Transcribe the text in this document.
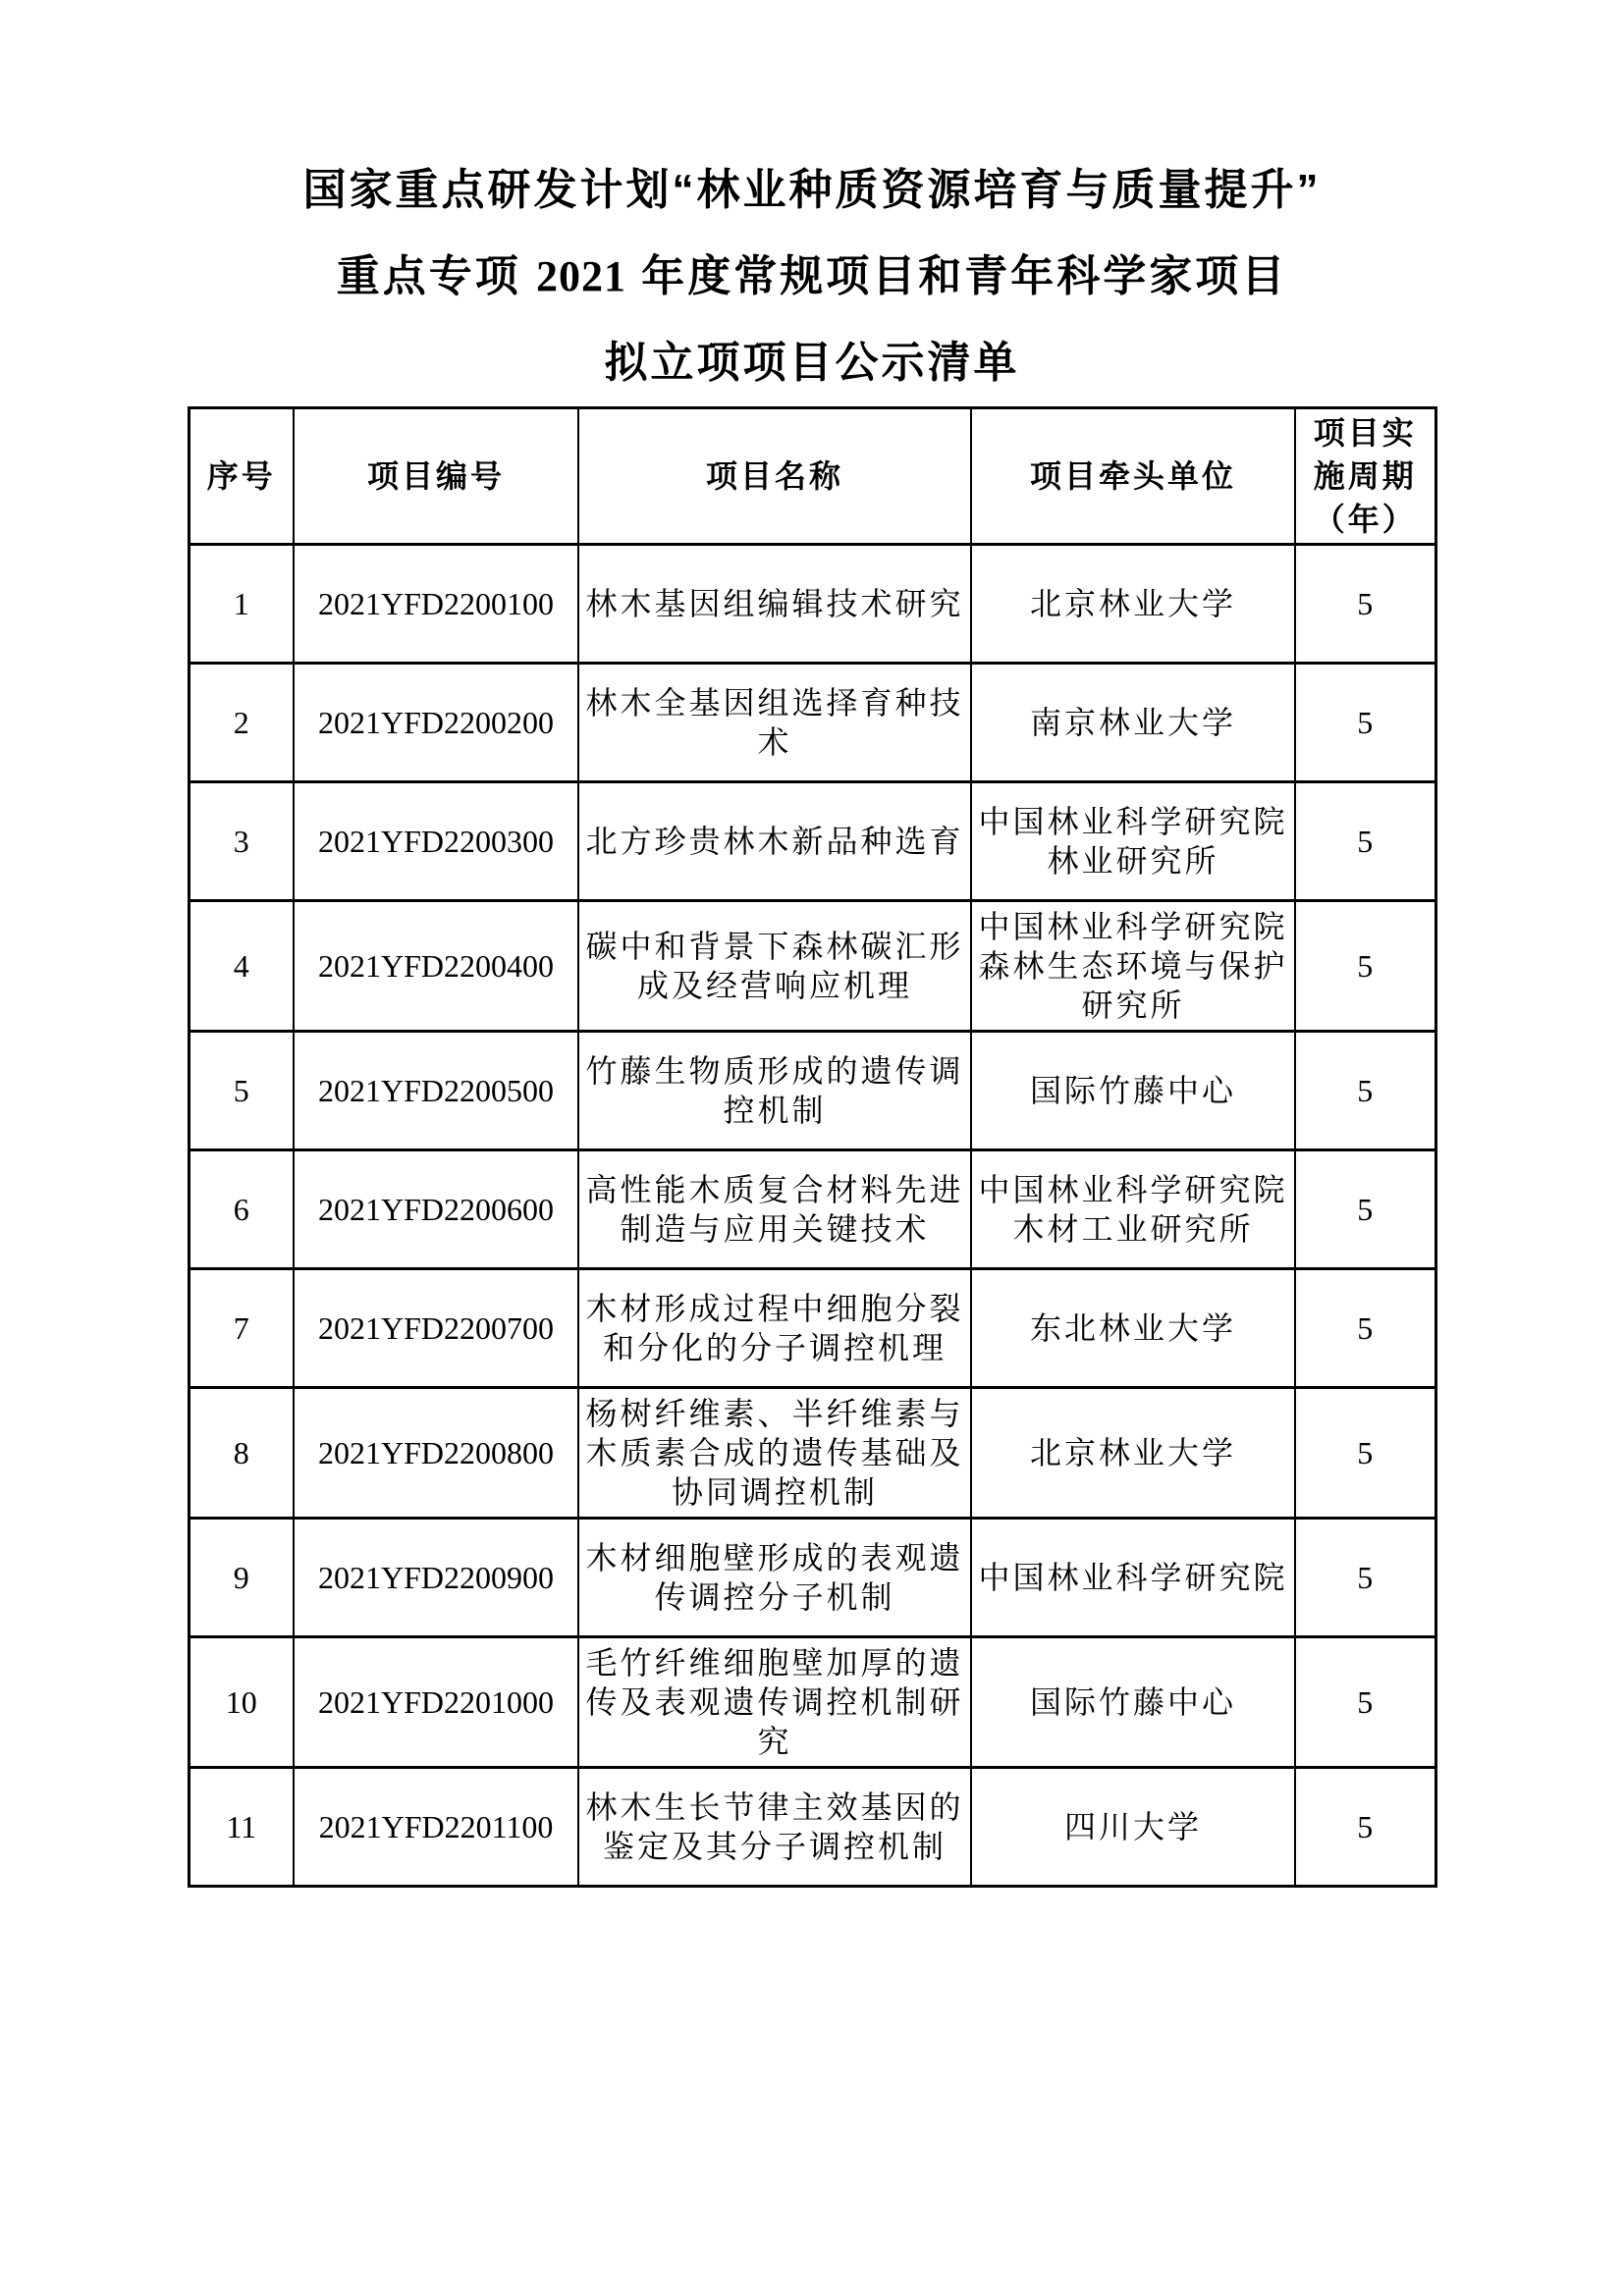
国家重点研发计划“林业种质资源培育与质量提升”
重点专项 2021 年度常规项目和青年科学家项目
拟立项项目公示清单
序号	项目编号	项目名称	项目牵头单位	项目实
施周期
（年）

1	2021YFD2200100	林木基因组编辑技术研究	北京林业大学	5
2	2021YFD2200200	林木全基因组选择育种技术	南京林业大学	5
3	2021YFD2200300	北方珍贵林木新品种选育	中国林业科学研究院林业研究所	5
4	2021YFD2200400	碳中和背景下森林碳汇形成及经营响应机理	中国林业科学研究院森林生态环境与保护研究所	5
5	2021YFD2200500	竹藤生物质形成的遗传调控机制	国际竹藤中心	5
6	2021YFD2200600	高性能木质复合材料先进制造与应用关键技术	中国林业科学研究院木材工业研究所	5
7	2021YFD2200700	木材形成过程中细胞分裂和分化的分子调控机理	东北林业大学	5
8	2021YFD2200800	杨树纤维素、半纤维素与木质素合成的遗传基础及协同调控机制	北京林业大学	5
9	2021YFD2200900	木材细胞壁形成的表观遗传调控分子机制	中国林业科学研究院	5
10	2021YFD2201000	毛竹纤维细胞壁加厚的遗传及表观遗传调控机制研究	国际竹藤中心	5
11	2021YFD2201100	林木生长节律主效基因的鉴定及其分子调控机制	四川大学	5
